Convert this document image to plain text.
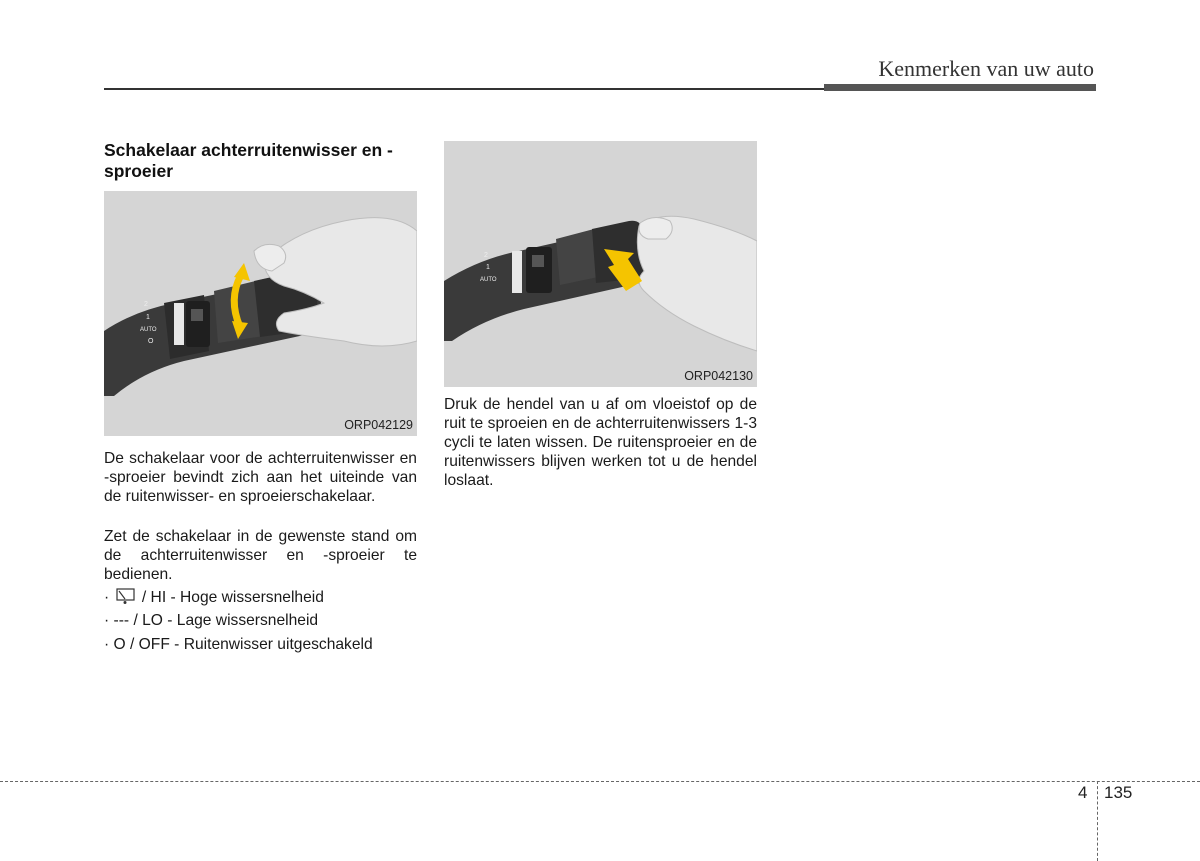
Kenmerken van uw auto
Schakelaar achterruitenwisser en -sproeier
2
1
AUTO
O
ORP042129
2
1
AUTO
ORP042130
De schakelaar voor de achterruitenwisser en -sproeier bevindt zich aan het uiteinde van de ruitenwisser- en sproeierschakelaar.
Zet de schakelaar in de gewenste stand om de achterruitenwisser en -sproeier te bedienen.
· / HI - Hoge wissersnelheid
· --- / LO - Lage wissersnelheid
· O / OFF - Ruitenwisser uitgeschakeld
Druk de hendel van u af om vloeistof op de ruit te sproeien en de achterruitenwissers 1-3 cycli te laten wissen. De ruitensproeier en de ruitenwissers blijven werken tot u de hendel loslaat.
4 135
